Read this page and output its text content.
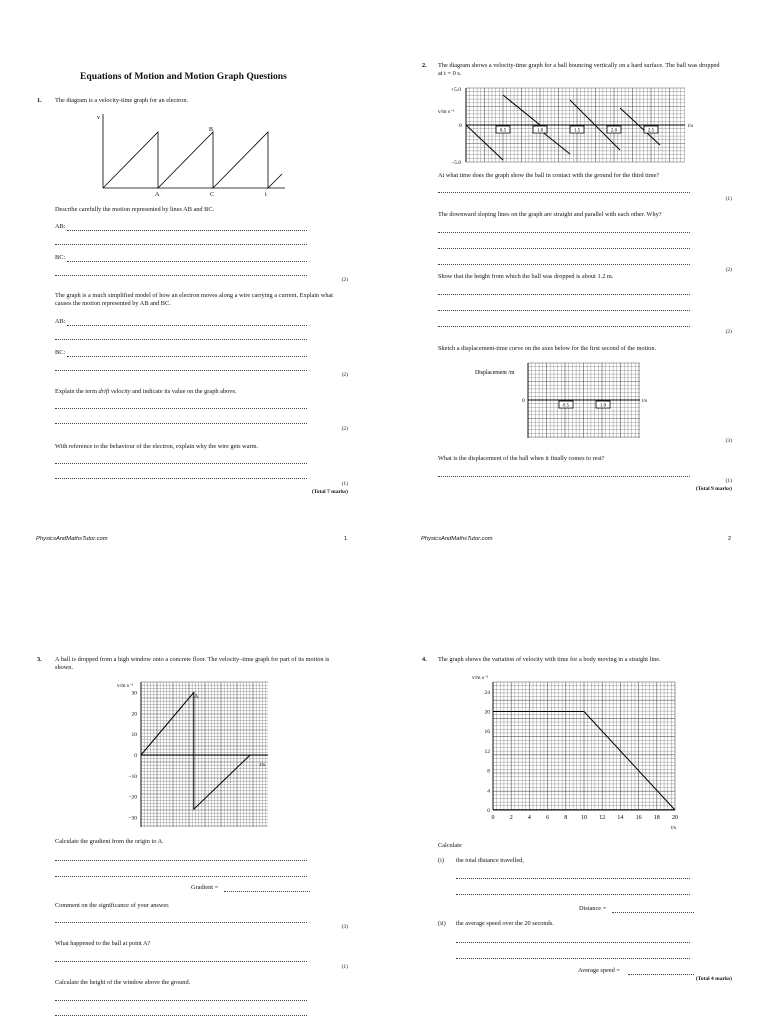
Equations of Motion and Motion Graph Questions
1. The diagram is a velocity-time graph for an electron.
v
t
A
B
C
Describe carefully the motion represented by lines AB and BC.
AB:
BC:
(2)
The graph is a much simplified model of how an electron moves along a wire carrying a current. Explain what causes the motion represented by AB and BC.
AB:
BC:
(2)
Explain the term drift velocity and indicate its value on the graph above.
(2)
With reference to the behaviour of the electron, explain why the wire gets warm.
(1)
(Total 7 marks)
PhysicsAndMathsTutor.com	1
2. The diagram shows a velocity-time graph for a ball bouncing vertically on a hard surface. The ball was dropped at t = 0 s.
v/m s⁻¹
+5.0
0
−5.0
t/s
0.5	1.0	1.5	2.0	2.5
At what time does the graph show the ball in contact with the ground for the third time?
(1)
The downward sloping lines on the graph are straight and parallel with each other. Why?
(2)
Show that the height from which the ball was dropped is about 1.2 m.
(2)
Sketch a displacement-time curve on the axes below for the first second of the motion.
Displacement /m
0	t/s
0.5	1.0
(3)
What is the displacement of the ball when it finally comes to rest?
(1)
(Total 9 marks)
PhysicsAndMathsTutor.com	2
3. A ball is dropped from a high window onto a concrete floor. The velocity–time graph for part of its motion is shown.
v/m s⁻¹
t/s
30
20
10
0
−10
−20
−30
A
Calculate the gradient from the origin to A.
Gradient =
Comment on the significance of your answer.
(3)
What happened to the ball at point A?
(1)
Calculate the height of the window above the ground.
4. The graph shows the variation of velocity with time for a body moving in a straight line.
v/m s⁻¹
t/s
0	2	4	6	8 10 12 14 16 18 20
0
4
8
12
16
20
24
Calculate
(i) the total distance travelled,
Distance =
(ii) the average speed over the 20 seconds.
Average speed =
(Total 4 marks)
